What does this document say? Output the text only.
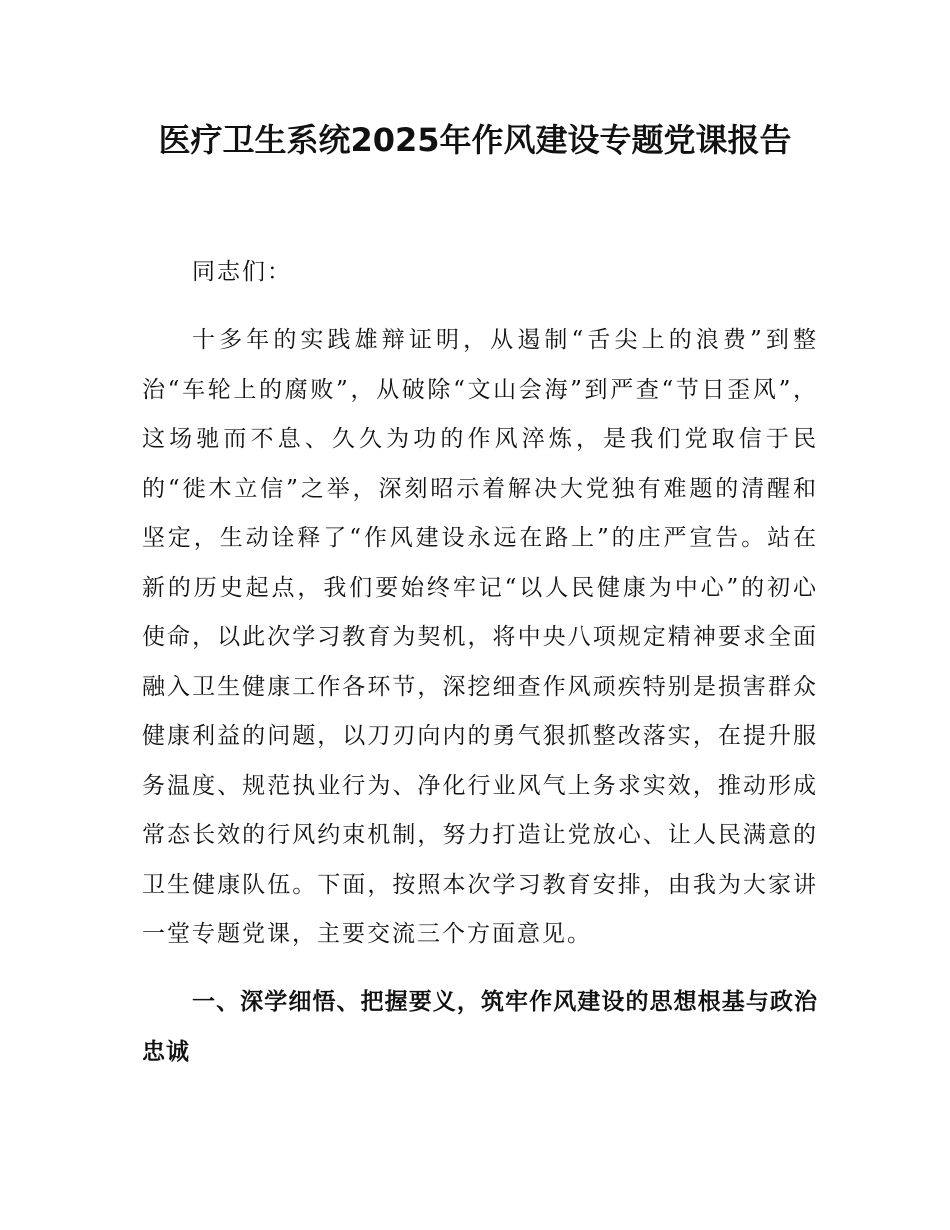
医疗卫生系统2025年作风建设专题党课报告

同志们：

十多年的实践雄辩证明，从遏制“舌尖上的浪费”到整治“车轮上的腐败”，从破除“文山会海”到严查“节日歪风”，这场驰而不息、久久为功的作风淬炼，是我们党取信于民的“徙木立信”之举，深刻昭示着解决大党独有难题的清醒和坚定，生动诠释了“作风建设永远在路上”的庄严宣告。站在新的历史起点，我们要始终牢记“以人民健康为中心”的初心使命，以此次学习教育为契机，将中央八项规定精神要求全面融入卫生健康工作各环节，深挖细查作风顽疾特别是损害群众健康利益的问题，以刀刃向内的勇气狠抓整改落实，在提升服务温度、规范执业行为、净化行业风气上务求实效，推动形成常态长效的行风约束机制，努力打造让党放心、让人民满意的卫生健康队伍。下面，按照本次学习教育安排，由我为大家讲一堂专题党课，主要交流三个方面意见。

一、深学细悟、把握要义，筑牢作风建设的思想根基与政治忠诚
